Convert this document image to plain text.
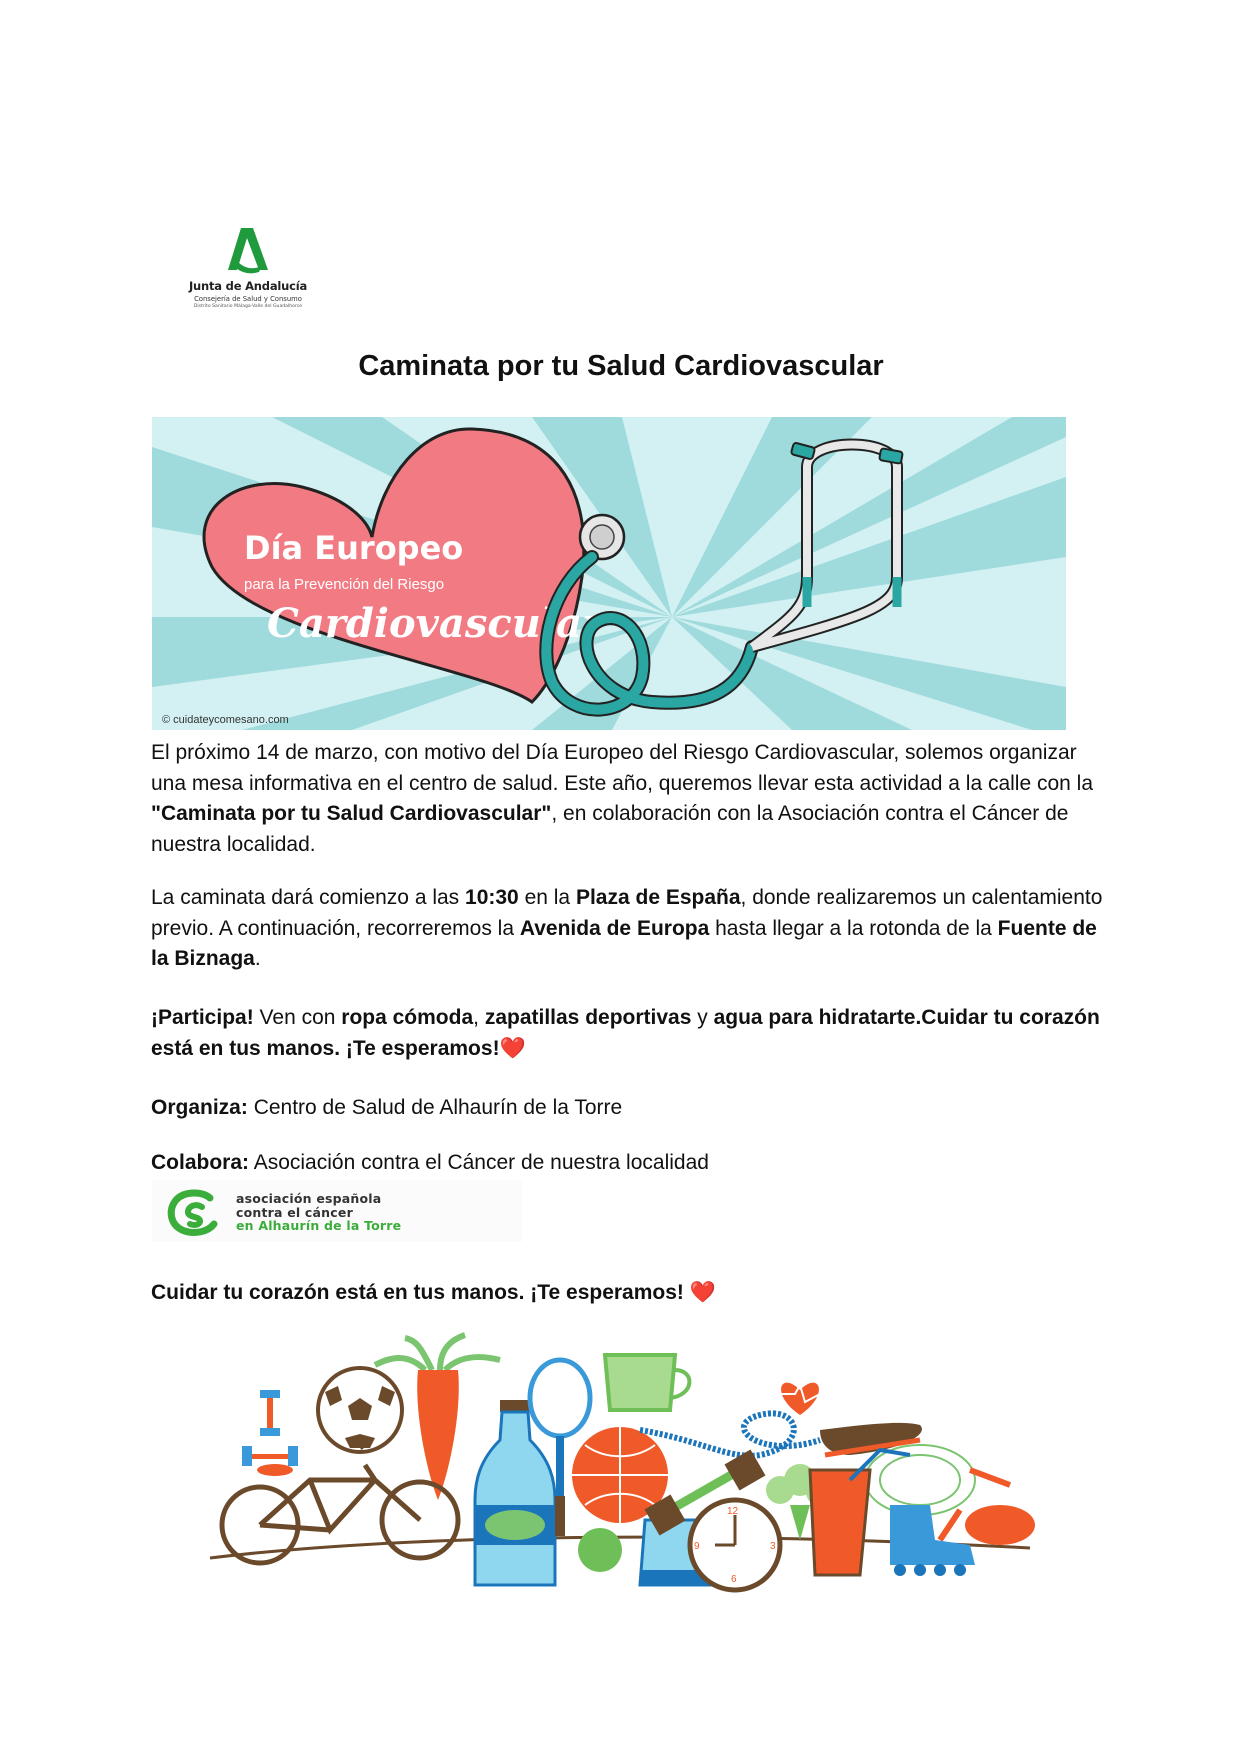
Junta de Andalucía
Consejería de Salud y Consumo
Distrito Sanitario Málaga-Valle del Guadalhorce
Caminata por tu Salud Cardiovascular
Día Europeo
para la Prevención del Riesgo
Cardiovascular
© cuidateycomesano.com
El próximo 14 de marzo, con motivo del Día Europeo del Riesgo Cardiovascular, solemos organizar una mesa informativa en el centro de salud. Este año, queremos llevar esta actividad a la calle con la "Caminata por tu Salud Cardiovascular", en colaboración con la Asociación contra el Cáncer de nuestra localidad.
La caminata dará comienzo a las 10:30 en la Plaza de España, donde realizaremos un calentamiento previo. A continuación, recorreremos la Avenida de Europa hasta llegar a la rotonda de la Fuente de la Biznaga.
¡Participa! Ven con ropa cómoda, zapatillas deportivas y agua para hidratarte.Cuidar tu corazón está en tus manos. ¡Te esperamos!❤️
Organiza: Centro de Salud de Alhaurín de la Torre
Colabora: Asociación contra el Cáncer de nuestra localidad
asociación española
contra el cáncer
en Alhaurín de la Torre
Cuidar tu corazón está en tus manos. ¡Te esperamos! ❤️
12
3
6
9
